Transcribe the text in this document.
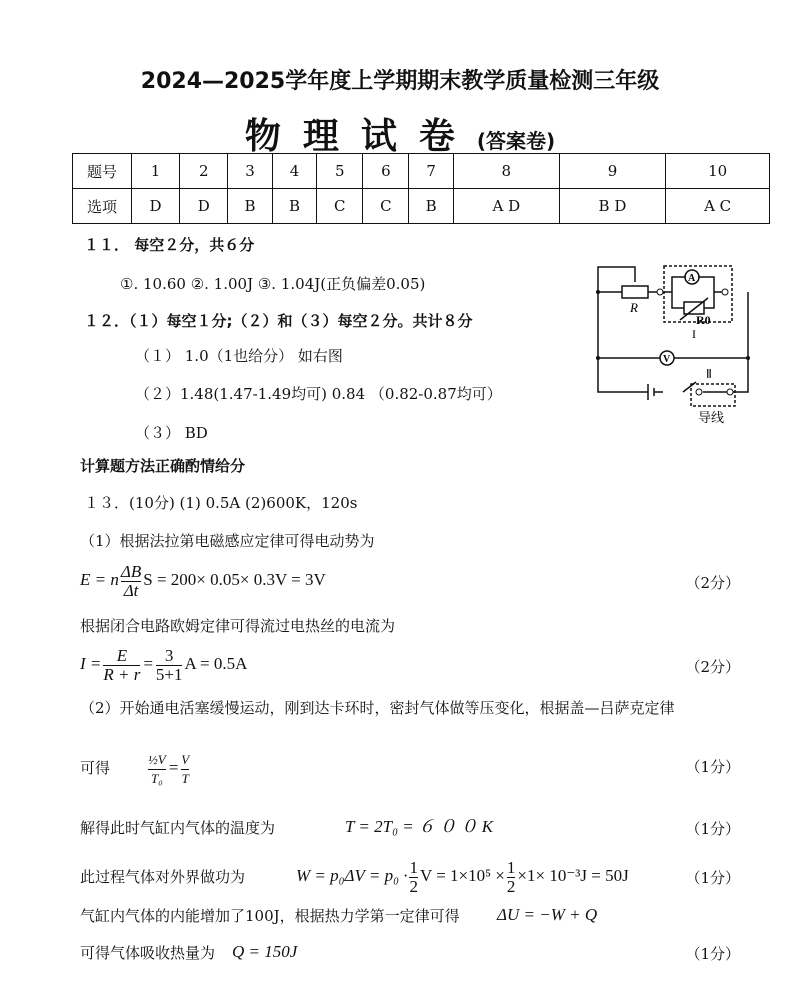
2024—2025学年度上学期期末教学质量检测三年级
物理试卷(答案卷)
题号	1	2	3	4	5	6	7	8	9	10
选项	D	D	B	B	C	C	B	A D	B D	A C
１１． 每空２分，共６分
①. 10.60 ②. 1.00J ③. 1.04J(正负偏差0.05)
１２．（１）每空１分;（２）和（３）每空２分。共计８分
（１） 1.0（1也给分） 如右图
（２）1.48(1.47-1.49均可) 0.84 （0.82-0.87均可）
（３） BD
R
A
R0
I
V
Ⅱ
导线
计算题方法正确酌情给分
１３．(10分) (1) 0.5A (2)600K，120s
（1）根据法拉第电磁感应定律可得电动势为
E = n $\frac{\Delta B}{\Delta t}$ S = 200× 0.05× 0.3V = 3V	（2分）
根据闭合电路欧姆定律可得流过电热丝的电流为
$I = \frac{E}{R + r} = \frac{3}{5+1}$ A = 0.5A	（2分）
（2）开始通电活塞缓慢运动，刚到达卡环时，密封气体做等压变化，根据盖—吕萨克定律
可得	$\frac{\text{½V}}{\text{T₀}} = \frac{V}{T}$	（1分）
解得此时气缸内气体的温度为	T = 2T₀ = ６ ０ ０ K	（1分）
此过程气体对外界做功为	$W = p_0\Delta V = p_0 \cdot \frac{1}{2}$ $V = 1\times 10^5 \times \frac{1}{2} \times 1\times 10^{-3}J = 50J$	（1分）
气缸内气体的内能增加了100J，根据热力学第一定律可得 ΔU = −W + Q
可得气体吸收热量为 Q = 150J	（1分）
